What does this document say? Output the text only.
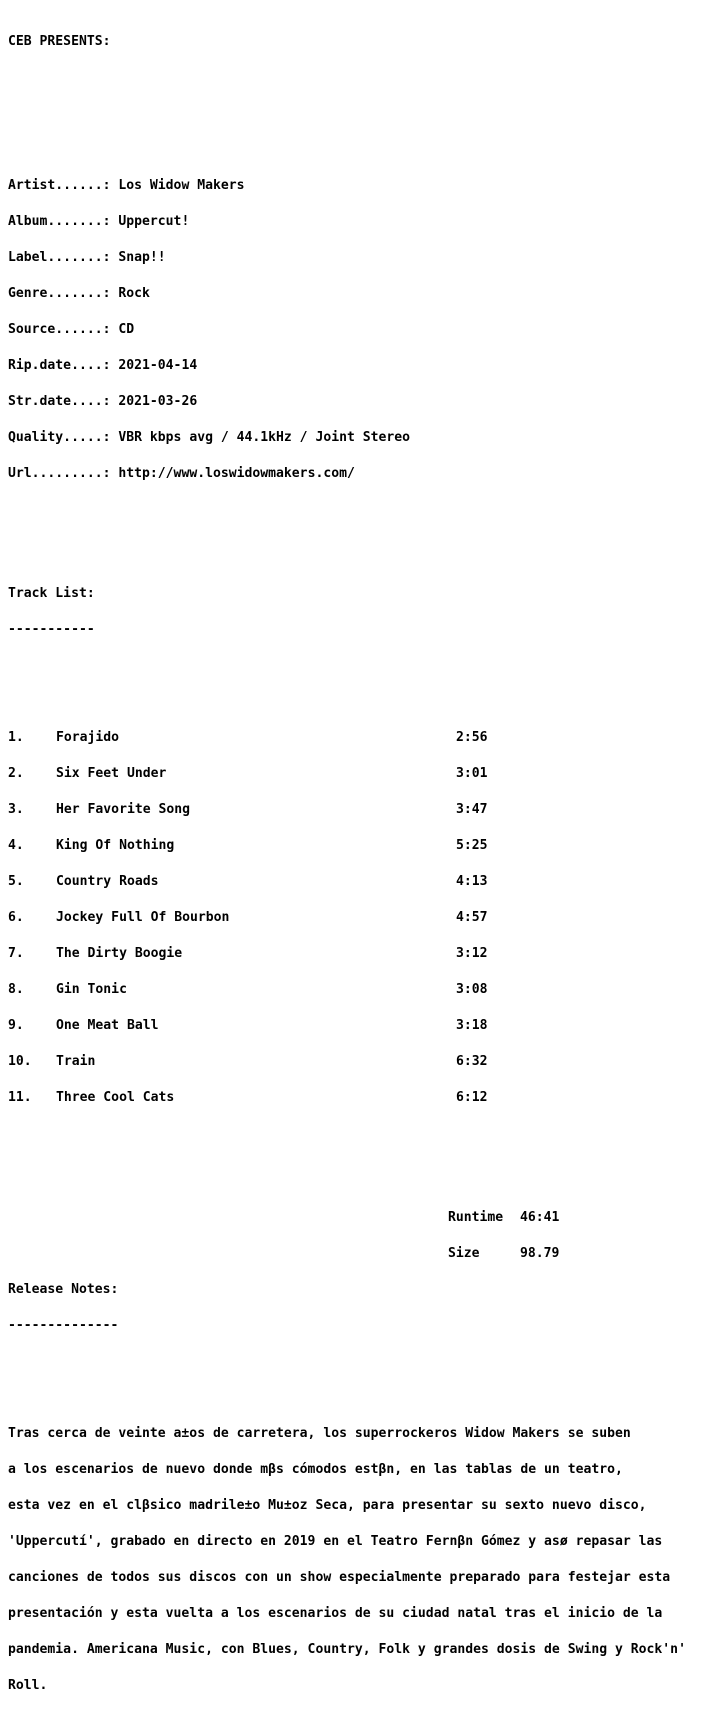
CEB PRESENTS:

Artist......: Los Widow Makers

Album.......: Uppercut!

Label.......: Snap!!

Genre.......: Rock

Source......: CD

Rip.date....: 2021-04-14

Str.date....: 2021-03-26

Quality.....: VBR kbps avg / 44.1kHz / Joint Stereo

Url.........: http://www.loswidowmakers.com/

Track List:

-----------

1.	Forajido	2:56

2.	Six Feet Under	3:01

3.	Her Favorite Song	3:47

4.	King Of Nothing	5:25

5.	Country Roads	4:13

6.	Jockey Full Of Bourbon	4:57

7.	The Dirty Boogie	3:12

8.	Gin Tonic	3:08

9.	One Meat Ball	3:18

10.	Train	6:32

11.	Three Cool Cats	6:12

Runtime	46:41

Size	98.79

Release Notes:

--------------

Tras cerca de veinte a±os de carretera, los superrockeros Widow Makers se suben

a los escenarios de nuevo donde mβs cómodos estβn, en las tablas de un teatro,

esta vez en el clβsico madrile±o Mu±oz Seca, para presentar su sexto nuevo disco,

'Uppercutí', grabado en directo en 2019 en el Teatro Fernβn Gómez y asø repasar las

canciones de todos sus discos con un show especialmente preparado para festejar esta

presentación y esta vuelta a los escenarios de su ciudad natal tras el inicio de la

pandemia. Americana Music, con Blues, Country, Folk y grandes dosis de Swing y Rock'n'

Roll.
